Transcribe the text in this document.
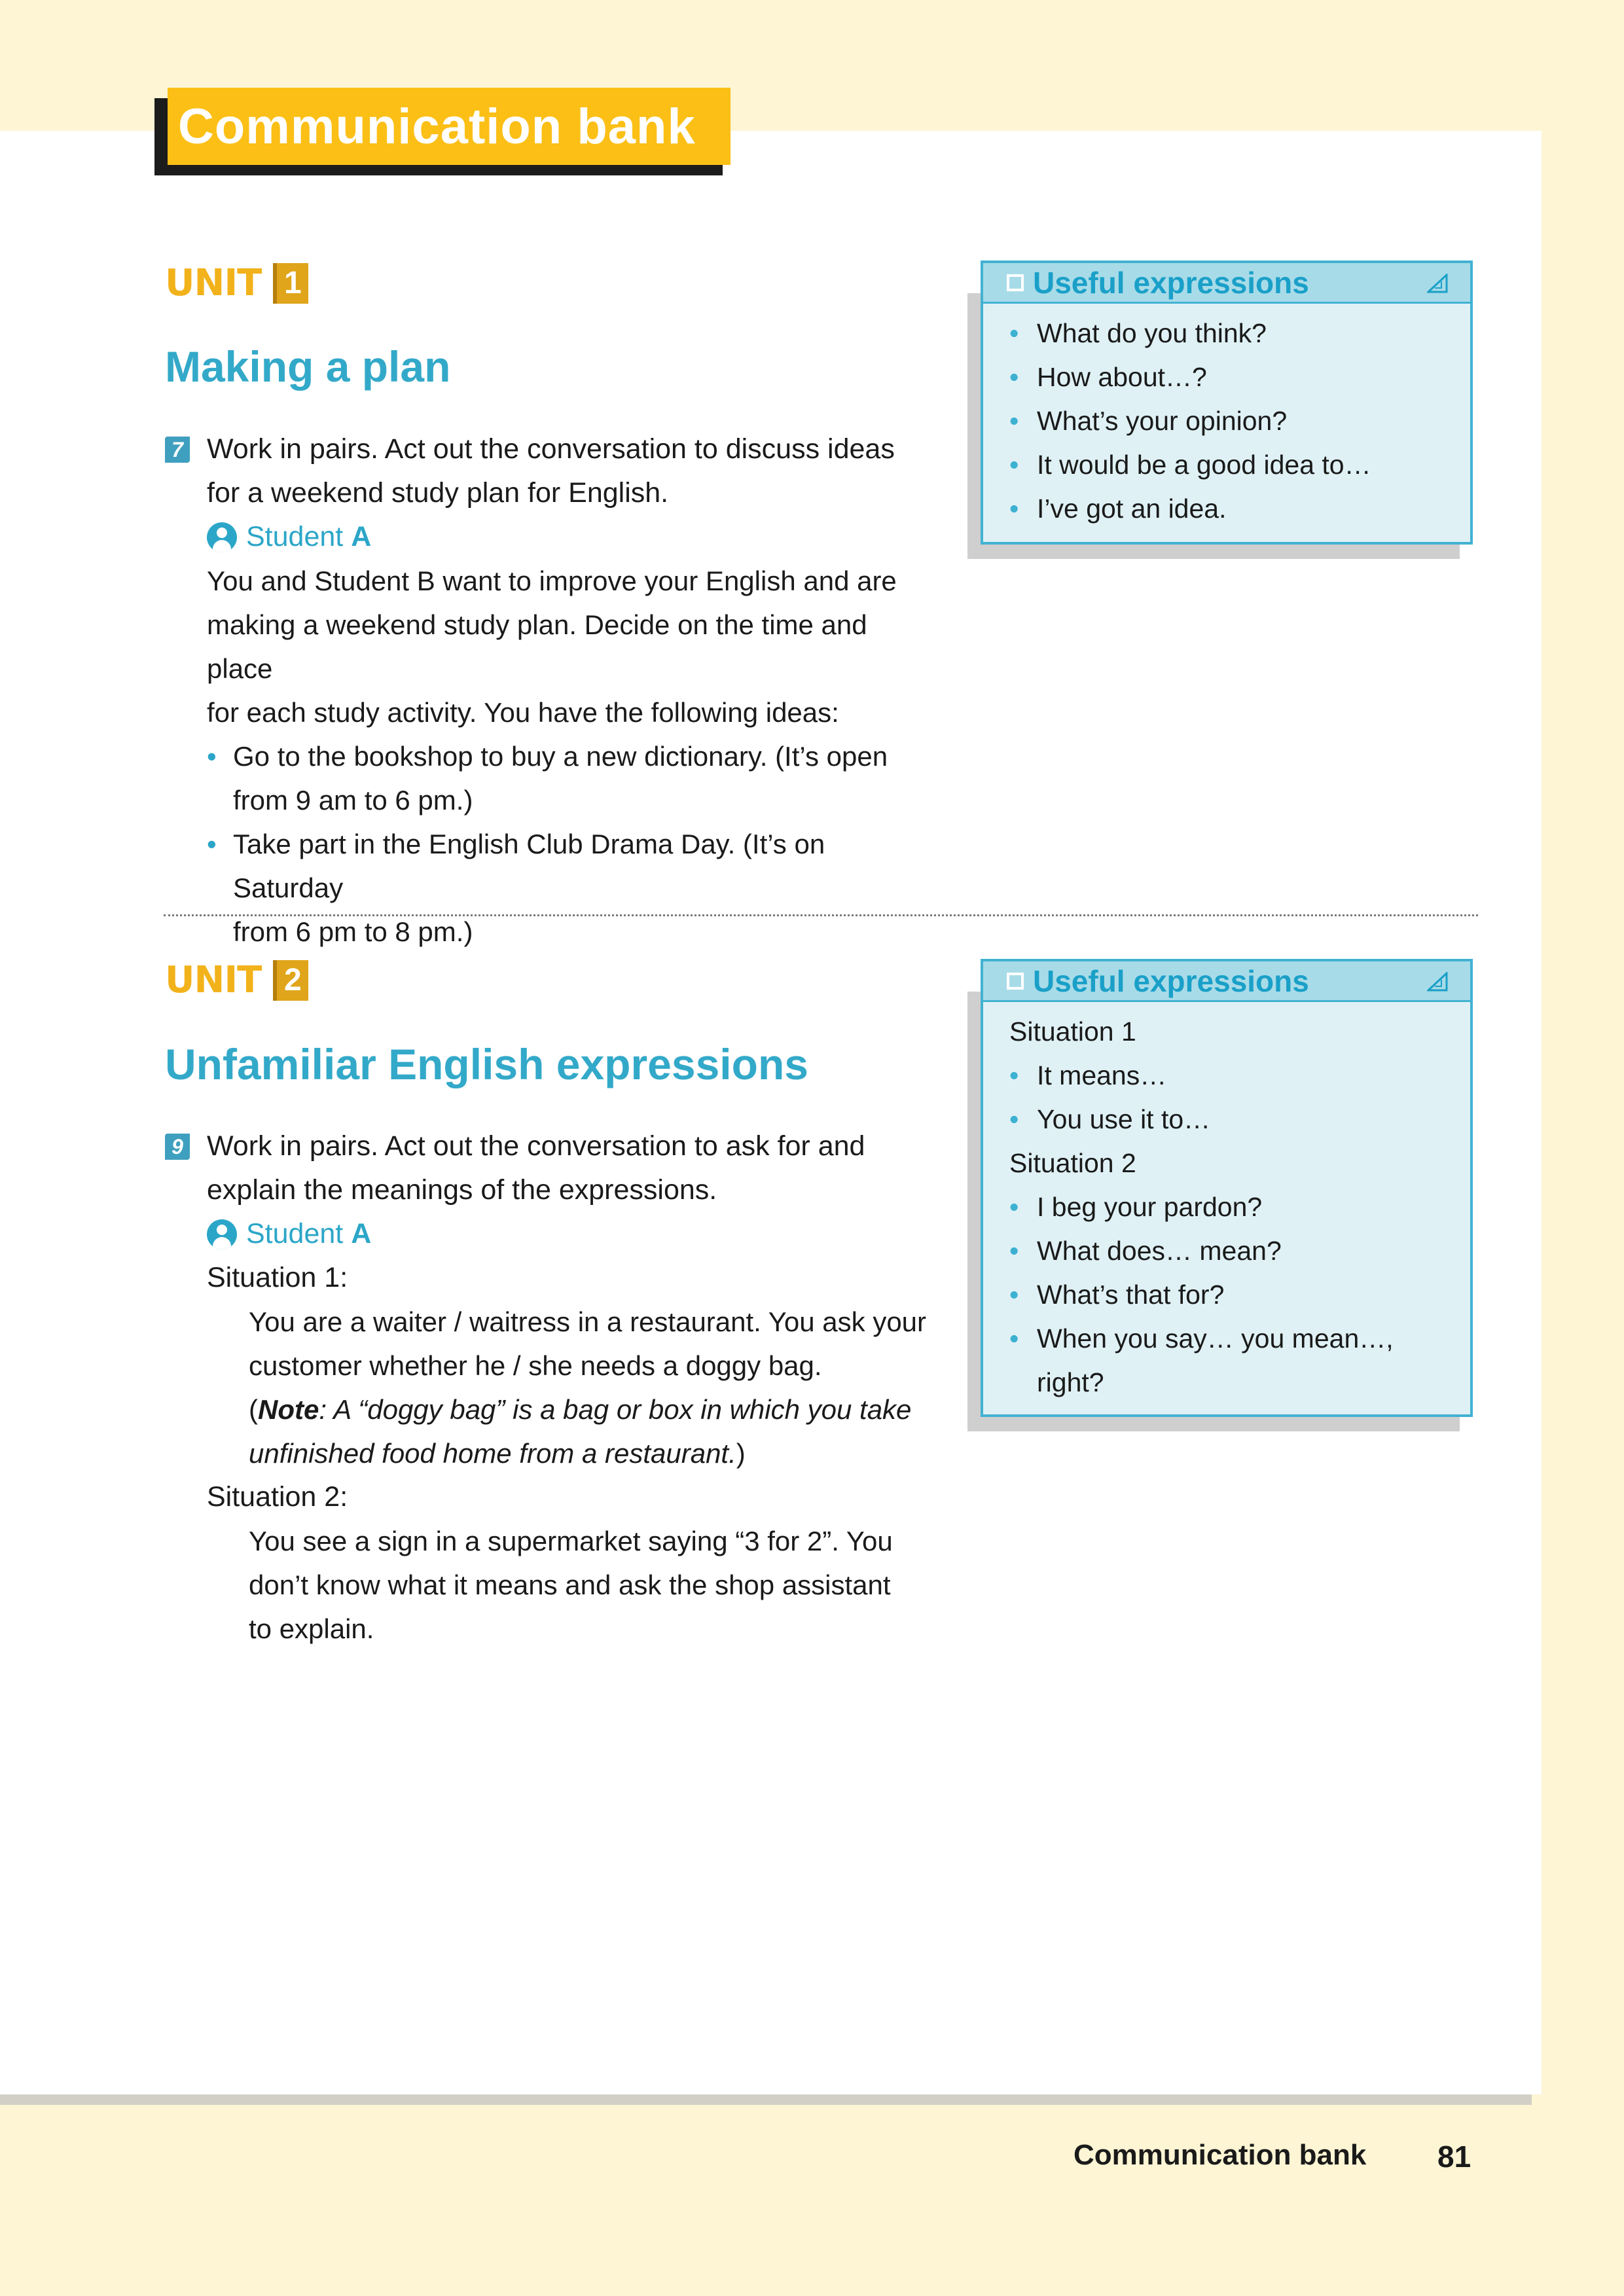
Communication bank
UNIT 1
Making a plan
7 Work in pairs. Act out the conversation to discuss ideas
for a weekend study plan for English.
Student A
You and Student B want to improve your English and are
making a weekend study plan. Decide on the time and place
for each study activity. You have the following ideas:
• Go to the bookshop to buy a new dictionary. (It’s open
from 9 am to 6 pm.)
• Take part in the English Club Drama Day. (It’s on Saturday
from 6 pm to 8 pm.)
Useful expressions
• What do you think?
• How about…?
• What’s your opinion?
• It would be a good idea to…
• I’ve got an idea.
UNIT 2
Unfamiliar English expressions
9 Work in pairs. Act out the conversation to ask for and
explain the meanings of the expressions.
Student A
Situation 1:
You are a waiter / waitress in a restaurant. You ask your
customer whether he / she needs a doggy bag.
(Note: A “doggy bag” is a bag or box in which you take
unfinished food home from a restaurant.)
Situation 2:
You see a sign in a supermarket saying “3 for 2”. You
don’t know what it means and ask the shop assistant
to explain.
Useful expressions
Situation 1
• It means…
• You use it to…
Situation 2
• I beg your pardon?
• What does… mean?
• What’s that for?
• When you say… you mean…,
right?
Communication bank 81
